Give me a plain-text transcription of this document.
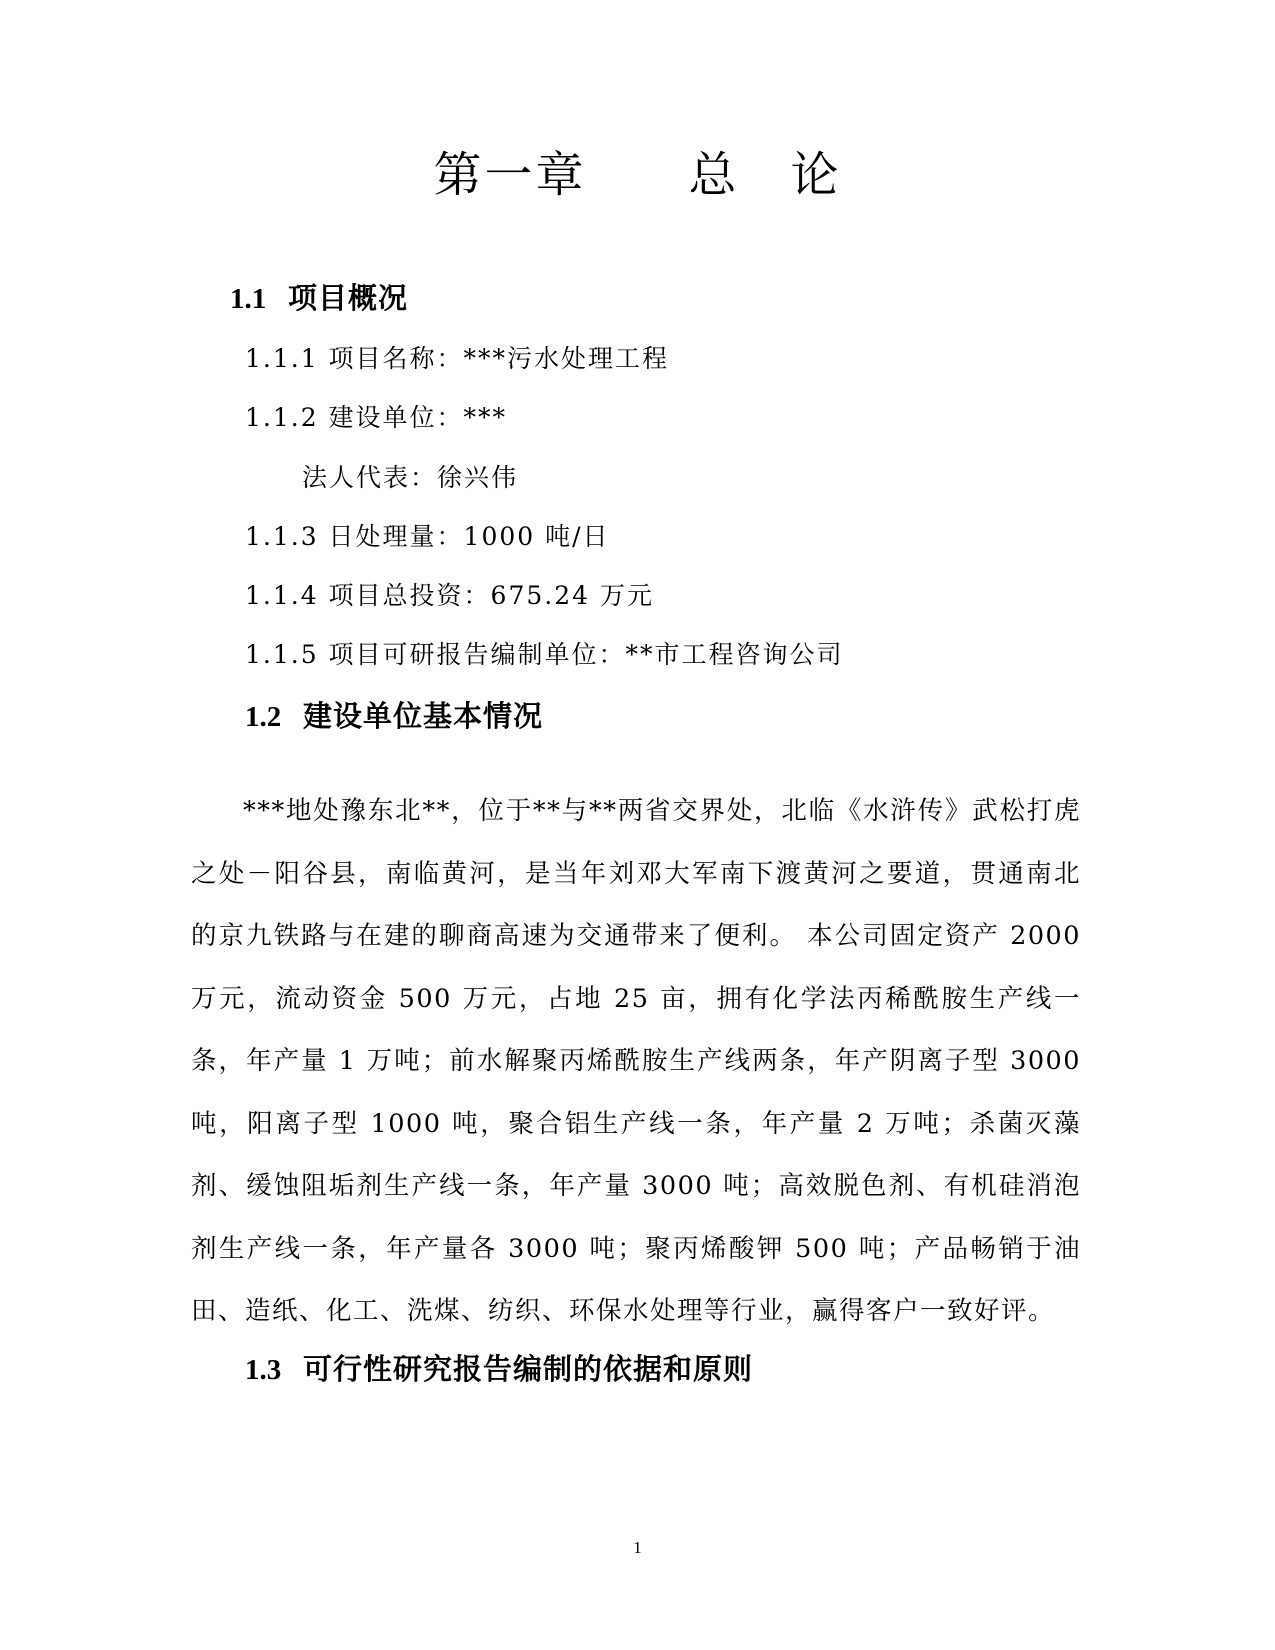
第一章　　总　论
1.1 项目概况
1.1.1 项目名称：***污水处理工程
1.1.2 建设单位：***
法人代表：徐兴伟
1.1.3 日处理量：1000 吨/日
1.1.4 项目总投资：675.24 万元
1.1.5 项目可研报告编制单位：**市工程咨询公司
1.2 建设单位基本情况
***地处豫东北**，位于**与**两省交界处，北临《水浒传》武松打虎之处－阳谷县，南临黄河，是当年刘邓大军南下渡黄河之要道，贯通南北的京九铁路与在建的聊商高速为交通带来了便利。 本公司固定资产 2000 万元，流动资金 500 万元，占地 25 亩，拥有化学法丙稀酰胺生产线一条，年产量 1 万吨；前水解聚丙烯酰胺生产线两条，年产阴离子型 3000 吨，阳离子型 1000 吨，聚合铝生产线一条，年产量 2 万吨；杀菌灭藻剂、缓蚀阻垢剂生产线一条，年产量 3000 吨；高效脱色剂、有机硅消泡剂生产线一条，年产量各 3000 吨；聚丙烯酸钾 500 吨；产品畅销于油田、造纸、化工、洗煤、纺织、环保水处理等行业，赢得客户一致好评。
1.3 可行性研究报告编制的依据和原则
1
